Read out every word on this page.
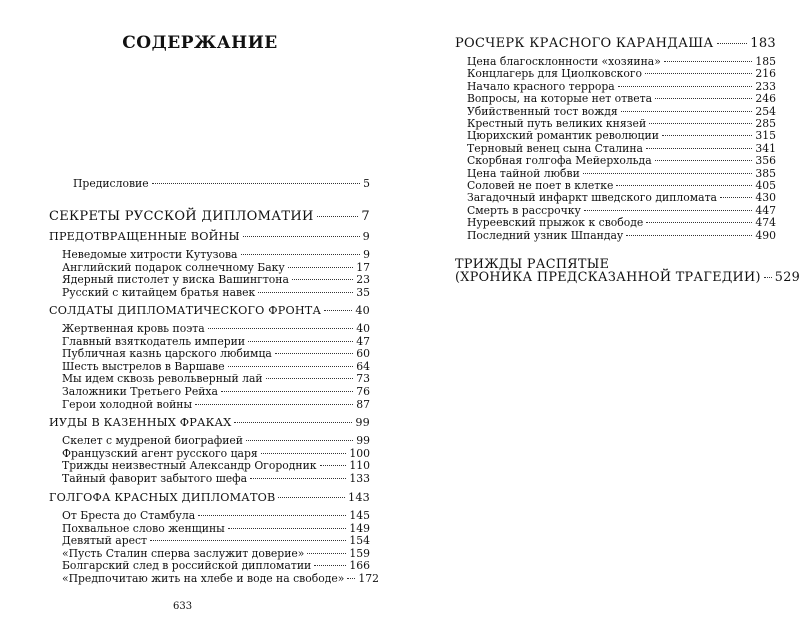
СОДЕРЖАНИЕ
Предисловие	5
СЕКРЕТЫ РУССКОЙ ДИПЛОМАТИИ	7
ПРЕДОТВРАЩЕННЫЕ ВОЙНЫ	9
Неведомые хитрости Кутузова	9
Английский подарок солнечному Баку	17
Ядерный пистолет у виска Вашингтона	23
Русский с китайцем братья навек	35
СОЛДАТЫ ДИПЛОМАТИЧЕСКОГО ФРОНТА	40
Жертвенная кровь поэта	40
Главный взяткодатель империи	47
Публичная казнь царского любимца	60
Шесть выстрелов в Варшаве	64
Мы идем сквозь револьверный лай	73
Заложники Третьего Рейха	76
Герои холодной войны	87
ИУДЫ В КАЗЕННЫХ ФРАКАХ	99
Скелет с мудреной биографией	99
Французский агент русского царя	100
Трижды неизвестный Александр Огородник	110
Тайный фаворит забытого шефа	133
ГОЛГОФА КРАСНЫХ ДИПЛОМАТОВ	143
От Бреста до Стамбула	145
Похвальное слово женщины	149
Девятый арест	154
«Пусть Сталин сперва заслужит доверие»	159
Болгарский след в российской дипломатии	166
«Предпочитаю жить на хлебе и воде на свободе» 172
633
РОСЧЕРК КРАСНОГО КАРАНДАША	183
Цена благосклонности «хозяина»	185
Концлагерь для Циолковского	216
Начало красного террора	233
Вопросы, на которые нет ответа	246
Убийственный тост вождя	254
Крестный путь великих князей	285
Цюрихский романтик революции	315
Терновый венец сына Сталина	341
Скорбная голгофа Мейерхольда	356
Цена тайной любви	385
Соловей не поет в клетке	405
Загадочный инфаркт шведского дипломата	430
Смерть в рассрочку	447
Нуреевский прыжок к свободе	474
Последний узник Шпандау	490
ТРИЖДЫ РАСПЯТЫЕ
(ХРОНИКА ПРЕДСКАЗАННОЙ ТРАГЕДИИ) 529
